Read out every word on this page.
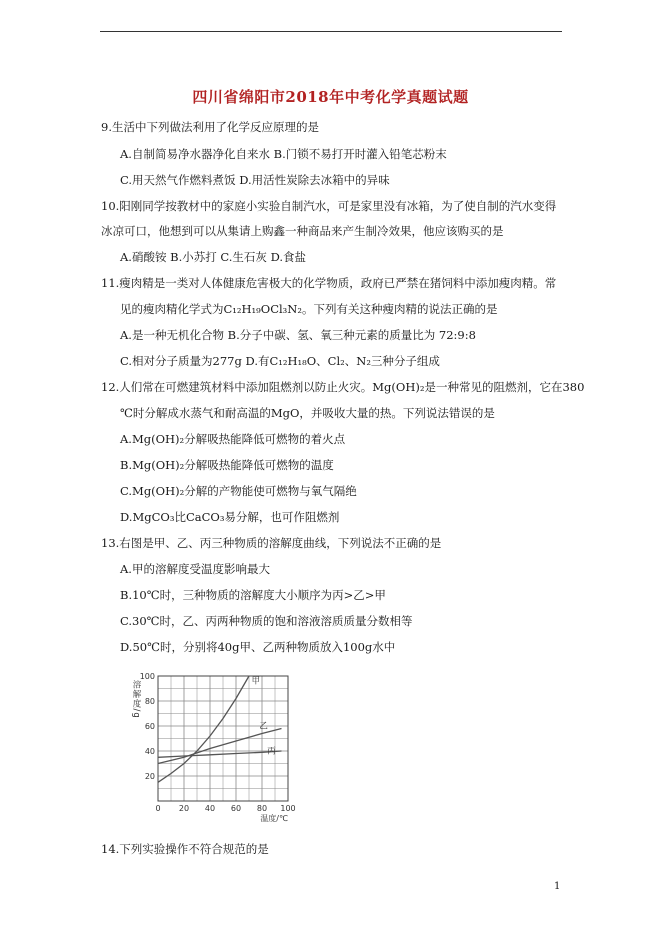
四川省绵阳市2018年中考化学真题试题
9.生活中下列做法利用了化学反应原理的是
A.自制简易净水器净化自来水 B.门锁不易打开时灌入铅笔芯粉末
C.用天然气作燃料煮饭 D.用活性炭除去冰箱中的异味
10.阳刚同学按教材中的家庭小实验自制汽水，可是家里没有冰箱，为了使自制的汽水变得
冰凉可口，他想到可以从集请上购鑫一种商品来产生制冷效果，他应该购买的是
A.硝酸铵 B.小苏打 C.生石灰 D.食盐
11.瘦肉精是一类对人体健康危害极大的化学物质，政府已严禁在猪饲料中添加瘦肉精。常
见的瘦肉精化学式为C₁₂H₁₉OCl₃N₂。下列有关这种瘦肉精的说法正确的是
A.是一种无机化合物 B.分子中碳、氢、氧三种元素的质量比为 72:9:8
C.相对分子质量为277g D.有C₁₂H₁₈O、Cl₂、N₂三种分子组成
12.人们常在可燃建筑材料中添加阻燃剂以防止火灾。Mg(OH)₂是一种常见的阻燃剂，它在380
℃时分解成水蒸气和耐高温的MgO，并吸收大量的热。下列说法错误的是
A.Mg(OH)₂分解吸热能降低可燃物的着火点
B.Mg(OH)₂分解吸热能降低可燃物的温度
C.Mg(OH)₂分解的产物能使可燃物与氧气隔绝
D.MgCO₃比CaCO₃易分解，也可作阻燃剂
13.右图是甲、乙、丙三种物质的溶解度曲线，下列说法不正确的是
A.甲的溶解度受温度影响最大
B.10℃时，三种物质的溶解度大小顺序为丙>乙>甲
C.30℃时，乙、丙两种物质的饱和溶液溶质质量分数相等
D.50℃时，分别将40g甲、乙两种物质放入100g水中
14.下列实验操作不符合规范的是
0 20 40 60 80 100
20
40
60
80
100
溶解度/g
温度/℃
甲
乙
丙
1
